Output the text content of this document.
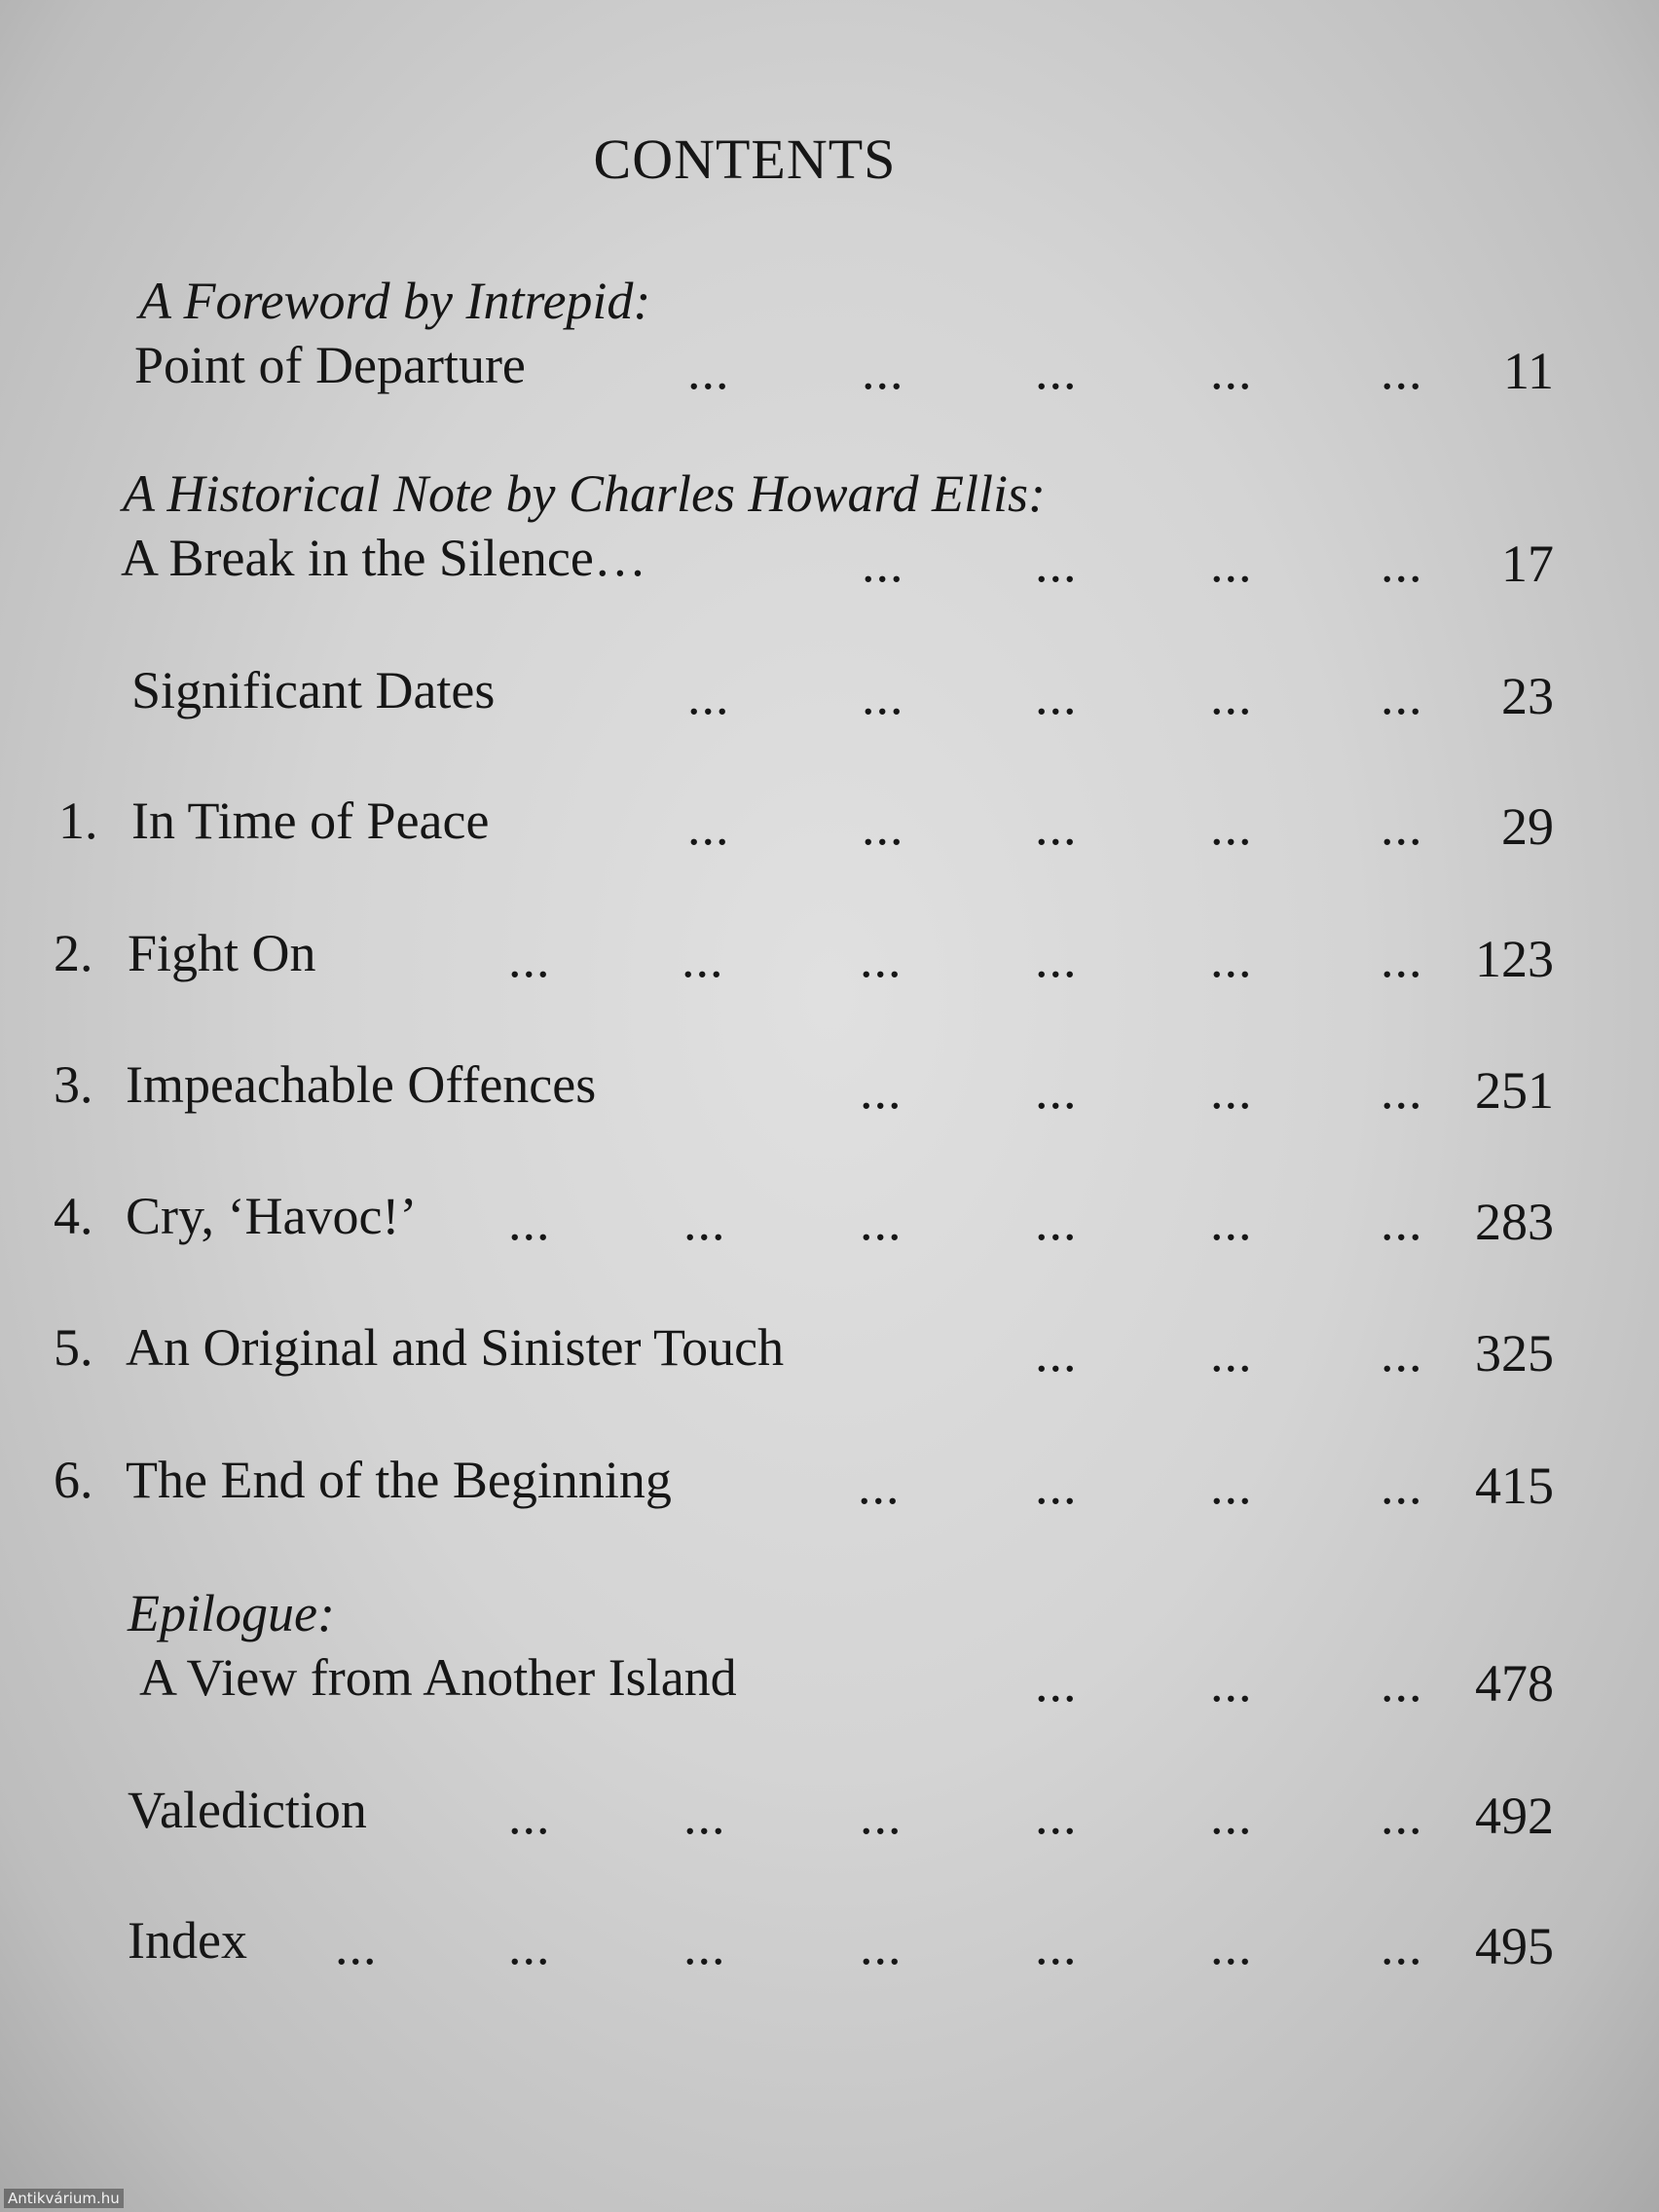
CONTENTS
A Foreword by Intrepid:
Point of Departure	...	... ...	... ... 11
A Historical Note by Charles Howard Ellis:
A Break in the Silence…	... ...	... ... 17
Significant Dates	...	... ...	... ... 23
1. In Time of Peace	...	... ...	... ... 29
2. Fight On	... ...	...	...	... ... 123
3. Impeachable Offences	...	...	... ... 251
4. Cry, ‘Havoc!’ ...	...	...	...	... ... 283
5. An Original and Sinister Touch	...	... ... 325
6. The End of the Beginning	...	...	... ... 415
Epilogue:
A View from Another Island	...	... ... 478
Valediction	...	...	...	...	... ... 492
Index ... ...	...	...	...	... ... 495
Antikvárium.hu
